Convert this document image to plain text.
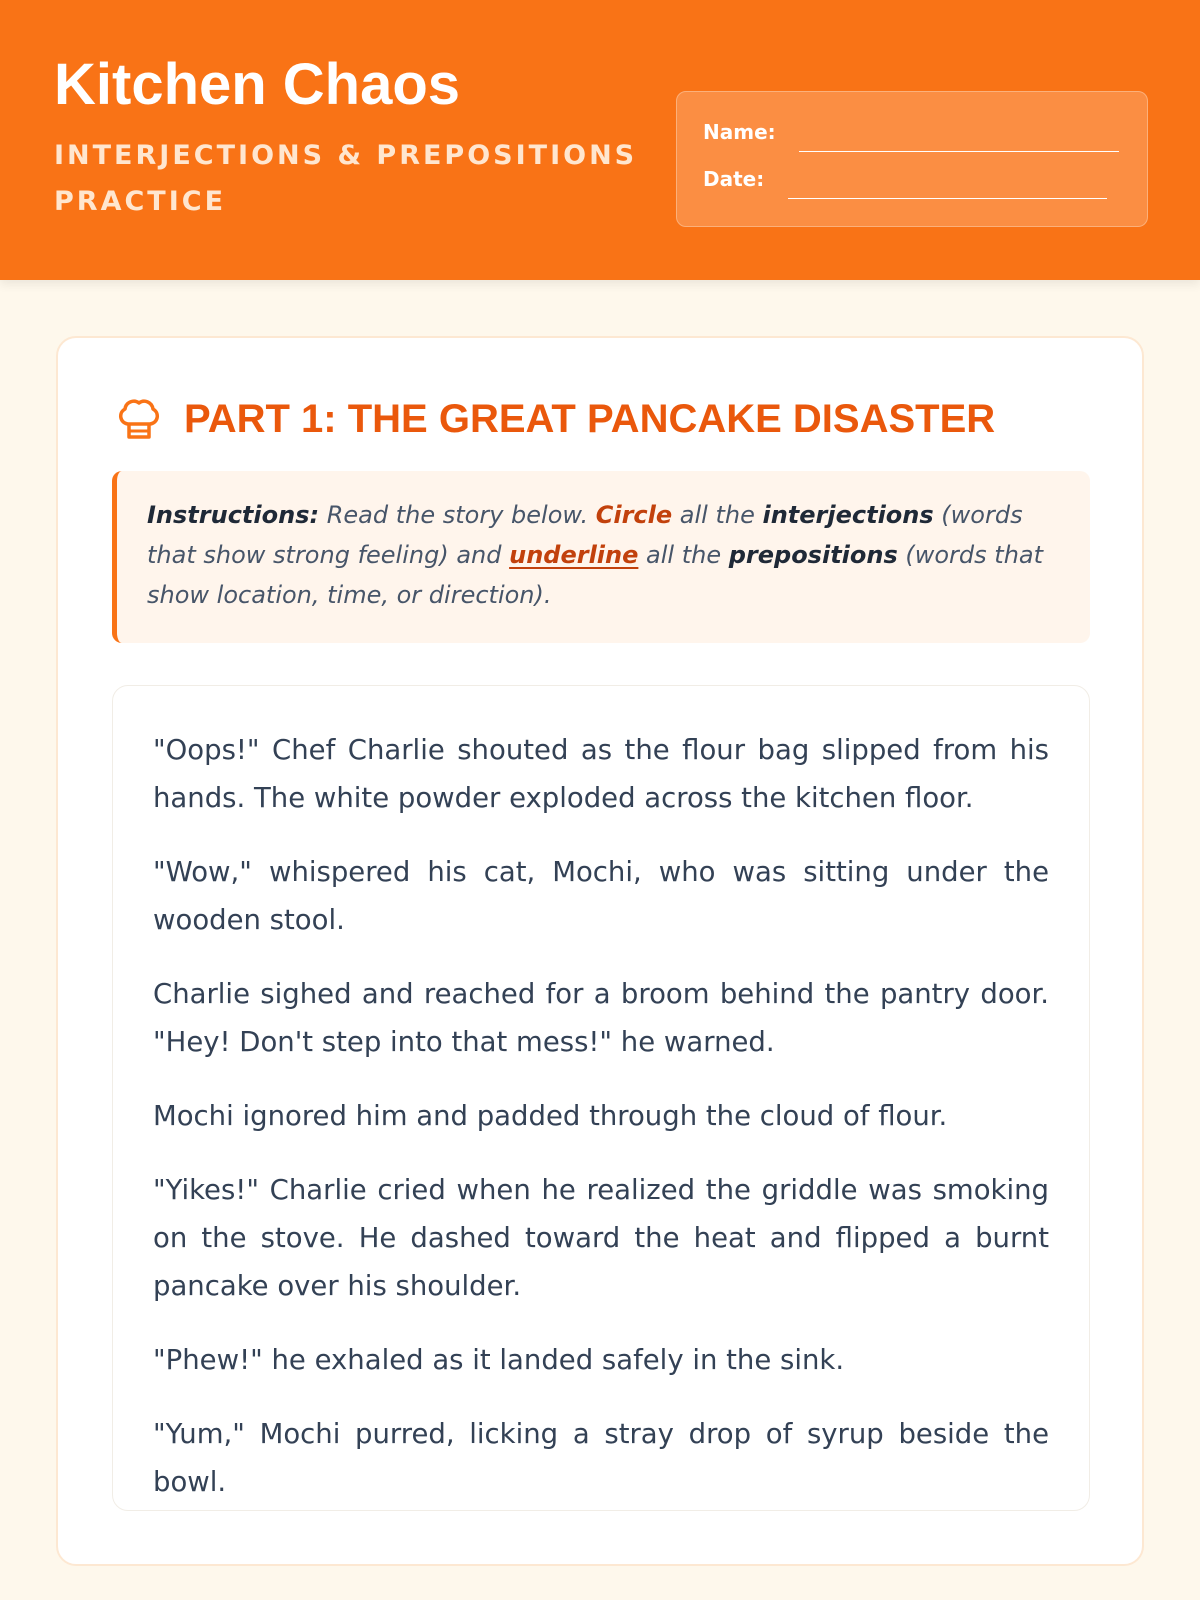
Kitchen Chaos
INTERJECTIONS & PREPOSITIONS PRACTICE
Name:
Date:
PART 1: THE GREAT PANCAKE DISASTER
Instructions: Read the story below. Circle all the interjections (words that show strong feeling) and underline all the prepositions (words that show location, time, or direction).

"Oops!" Chef Charlie shouted as the flour bag slipped from his hands. The white powder exploded across the kitchen floor.

"Wow," whispered his cat, Mochi, who was sitting under the wooden stool.

Charlie sighed and reached for a broom behind the pantry door. "Hey! Don't step into that mess!" he warned.

Mochi ignored him and padded through the cloud of flour.

"Yikes!" Charlie cried when he realized the griddle was smoking on the stove. He dashed toward the heat and flipped a burnt pancake over his shoulder.

"Phew!" he exhaled as it landed safely in the sink.

"Yum," Mochi purred, licking a stray drop of syrup beside the bowl.
